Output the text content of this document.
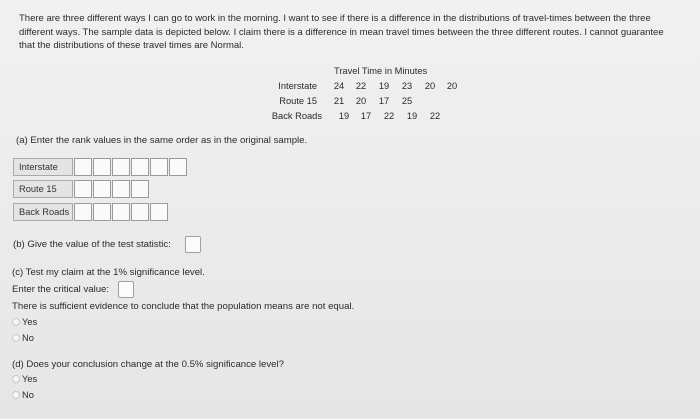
There are three different ways I can go to work in the morning. I want to see if there is a difference in the distributions of travel-times between the three
different ways. The sample data is depicted below. I claim there is a difference in mean travel times between the three different routes. I cannot guarantee
that the distributions of these travel times are Normal.
Travel Time in Minutes
Interstate	24	22	19	23	20	20
Route 15	21	20	17	25
Back Roads	19	17	22	19	22
(a) Enter the rank values in the same order as in the original sample.
Interstate
Route 15
Back Roads
(b) Give the value of the test statistic:
(c) Test my claim at the 1% significance level.
Enter the critical value:
There is sufficient evidence to conclude that the population means are not equal.
Yes
No
(d) Does your conclusion change at the 0.5% significance level?
Yes
No
